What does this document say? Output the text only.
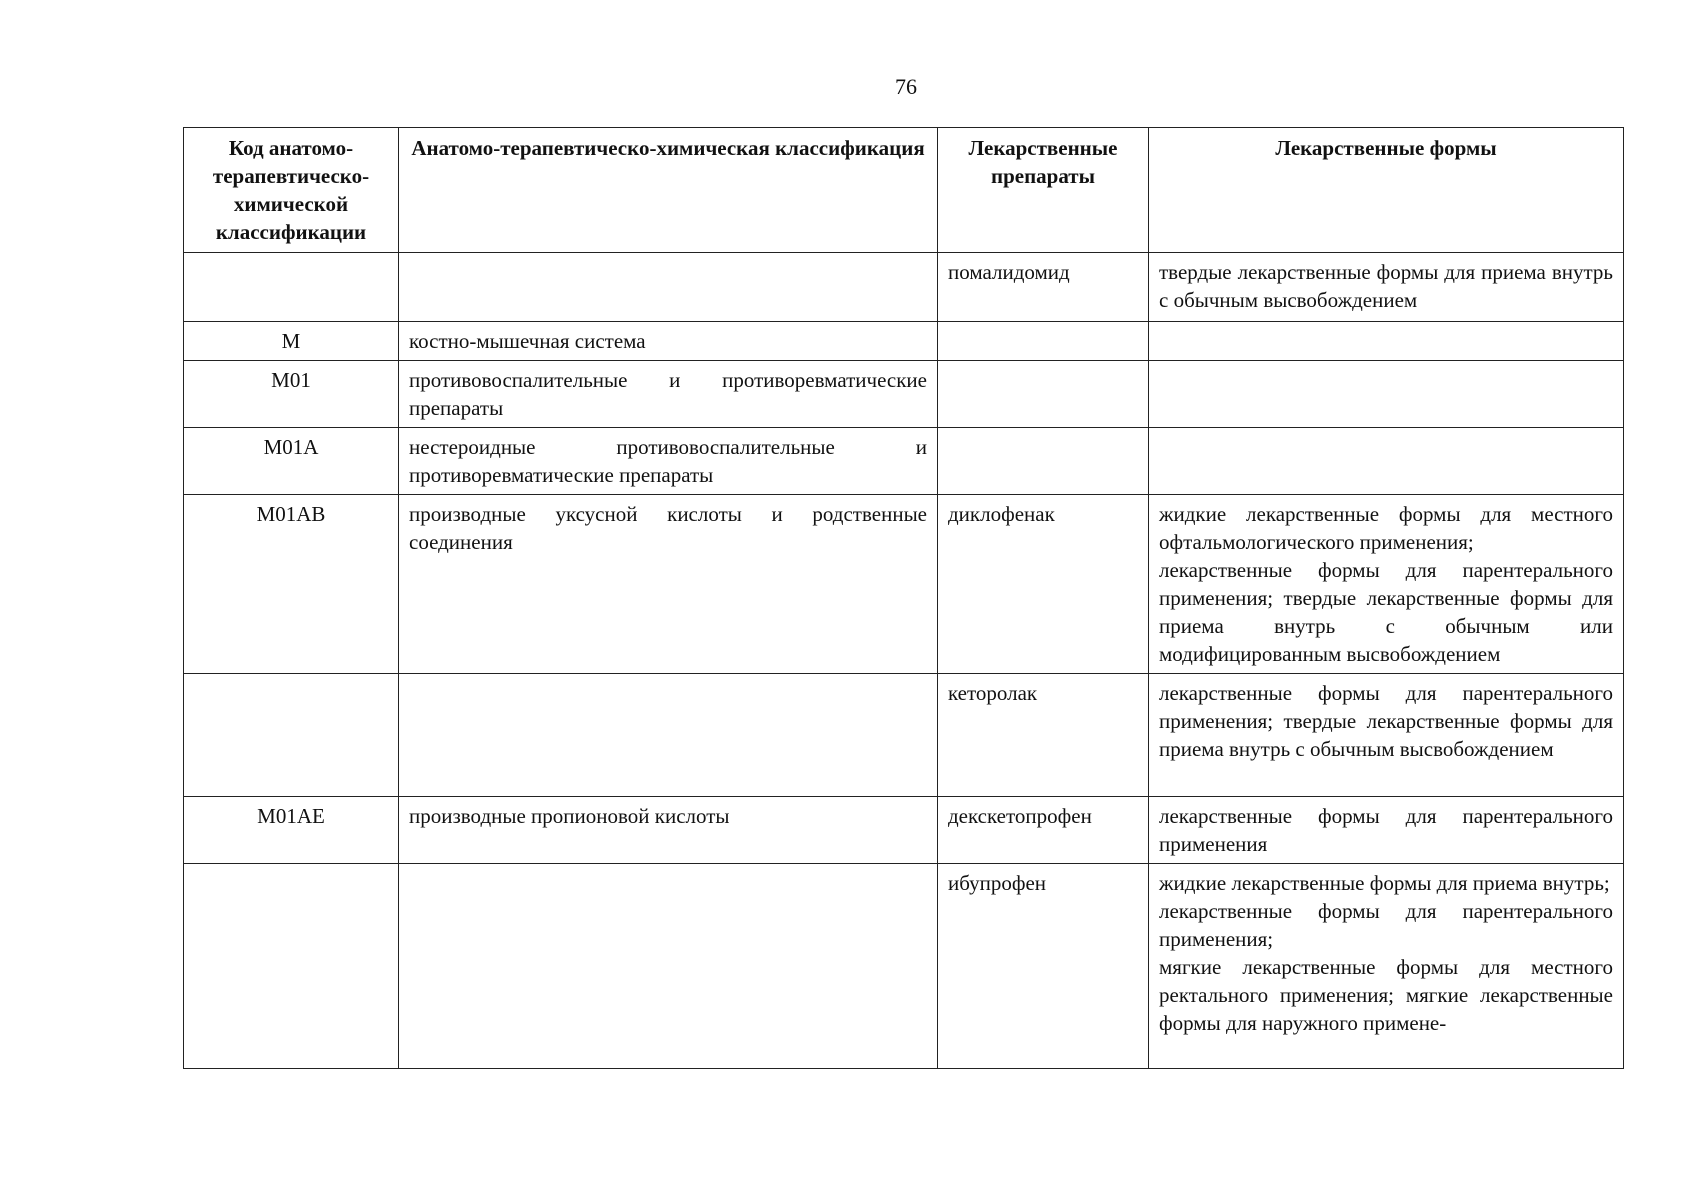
76
Код анатомо-терапевтическо-химической классификации	Анатомо-терапевтическо-химическая классификация	Лекарственные препараты	Лекарственные формы
		помалидомид	твердые лекарственные формы для приема внутрь с обычным высвобождением

M	костно-мышечная система		

M01	противовоспалительные и противоревматические препараты		

M01A	нестероидные противовоспалительные и противоревматические препараты		

M01AB	производные уксусной кислоты и родственные соединения	диклофенак	жидкие лекарственные формы для местного офтальмологического применения;
лекарственные формы для парентерального применения; твердые лекарственные формы для приема внутрь с обычным или модифицированным высвобождением

		кеторолак	лекарственные формы для парентерального применения; твердые лекарственные формы для приема внутрь с обычным высвобождением

M01AE	производные пропионовой кислоты	декскетопрофен	лекарственные формы для парентерального применения

		ибупрофен	жидкие лекарственные формы для приема внутрь;
лекарственные формы для парентерального применения;
мягкие лекарственные формы для местного ректального применения; мягкие лекарственные формы для наружного примене-
